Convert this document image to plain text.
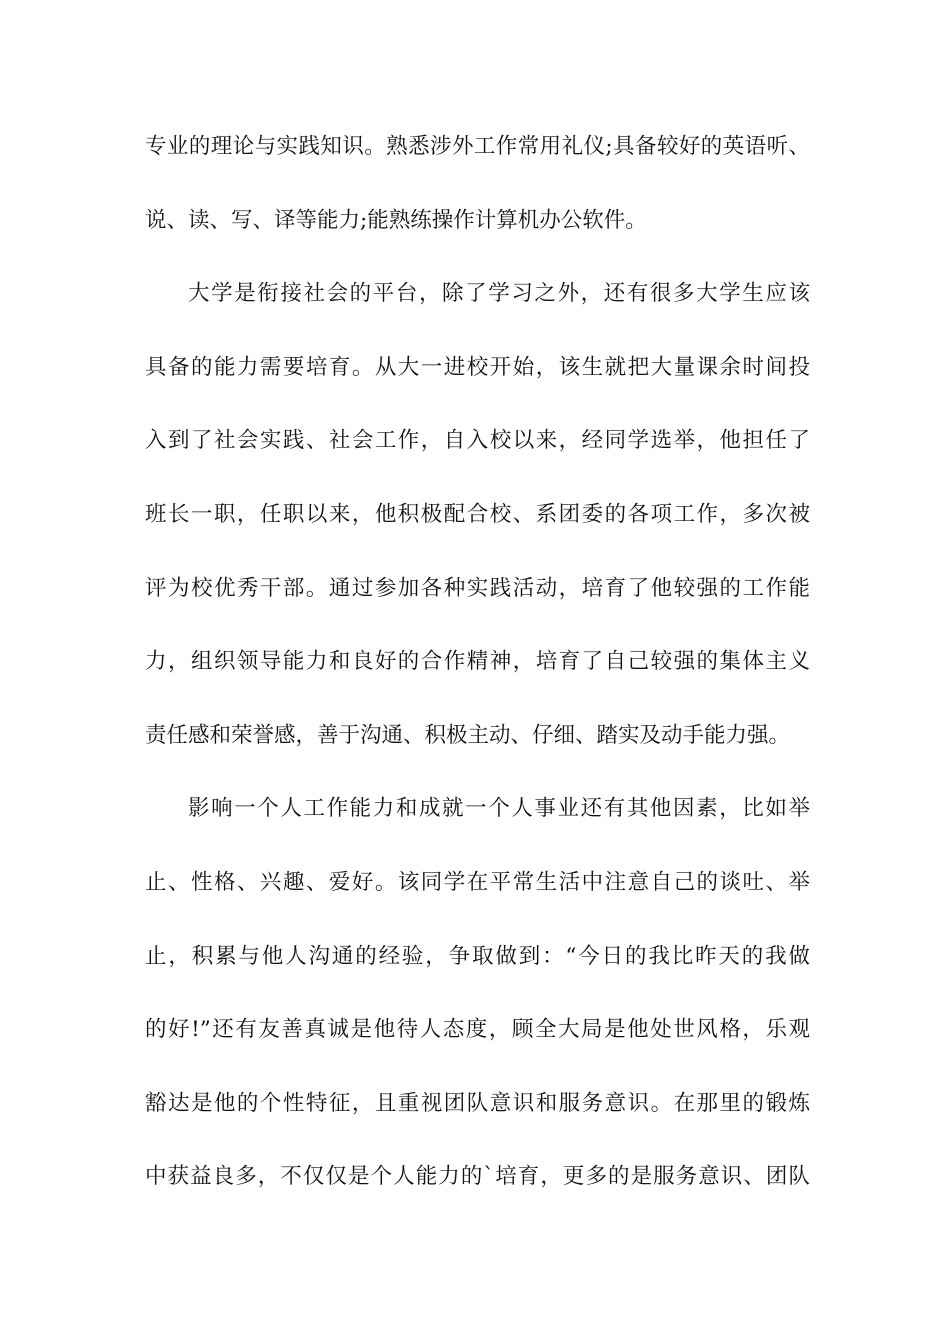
专业的理论与实践知识。熟悉涉外工作常用礼仪;具备较好的英语听、
说、读、写、译等能力;能熟练操作计算机办公软件。
大学是衔接社会的平台，除了学习之外，还有很多大学生应该
具备的能力需要培育。从大一进校开始，该生就把大量课余时间投
入到了社会实践、社会工作，自入校以来，经同学选举，他担任了
班长一职，任职以来，他积极配合校、系团委的各项工作，多次被
评为校优秀干部。通过参加各种实践活动，培育了他较强的工作能
力，组织领导能力和良好的合作精神，培育了自己较强的集体主义
责任感和荣誉感，善于沟通、积极主动、仔细、踏实及动手能力强。
影响一个人工作能力和成就一个人事业还有其他因素，比如举
止、性格、兴趣、爱好。该同学在平常生活中注意自己的谈吐、举
止，积累与他人沟通的经验，争取做到：“今日的我比昨天的我做
的好!”还有友善真诚是他待人态度，顾全大局是他处世风格，乐观
豁达是他的个性特征，且重视团队意识和服务意识。在那里的锻炼
中获益良多，不仅仅是个人能力的`培育，更多的是服务意识、团队
